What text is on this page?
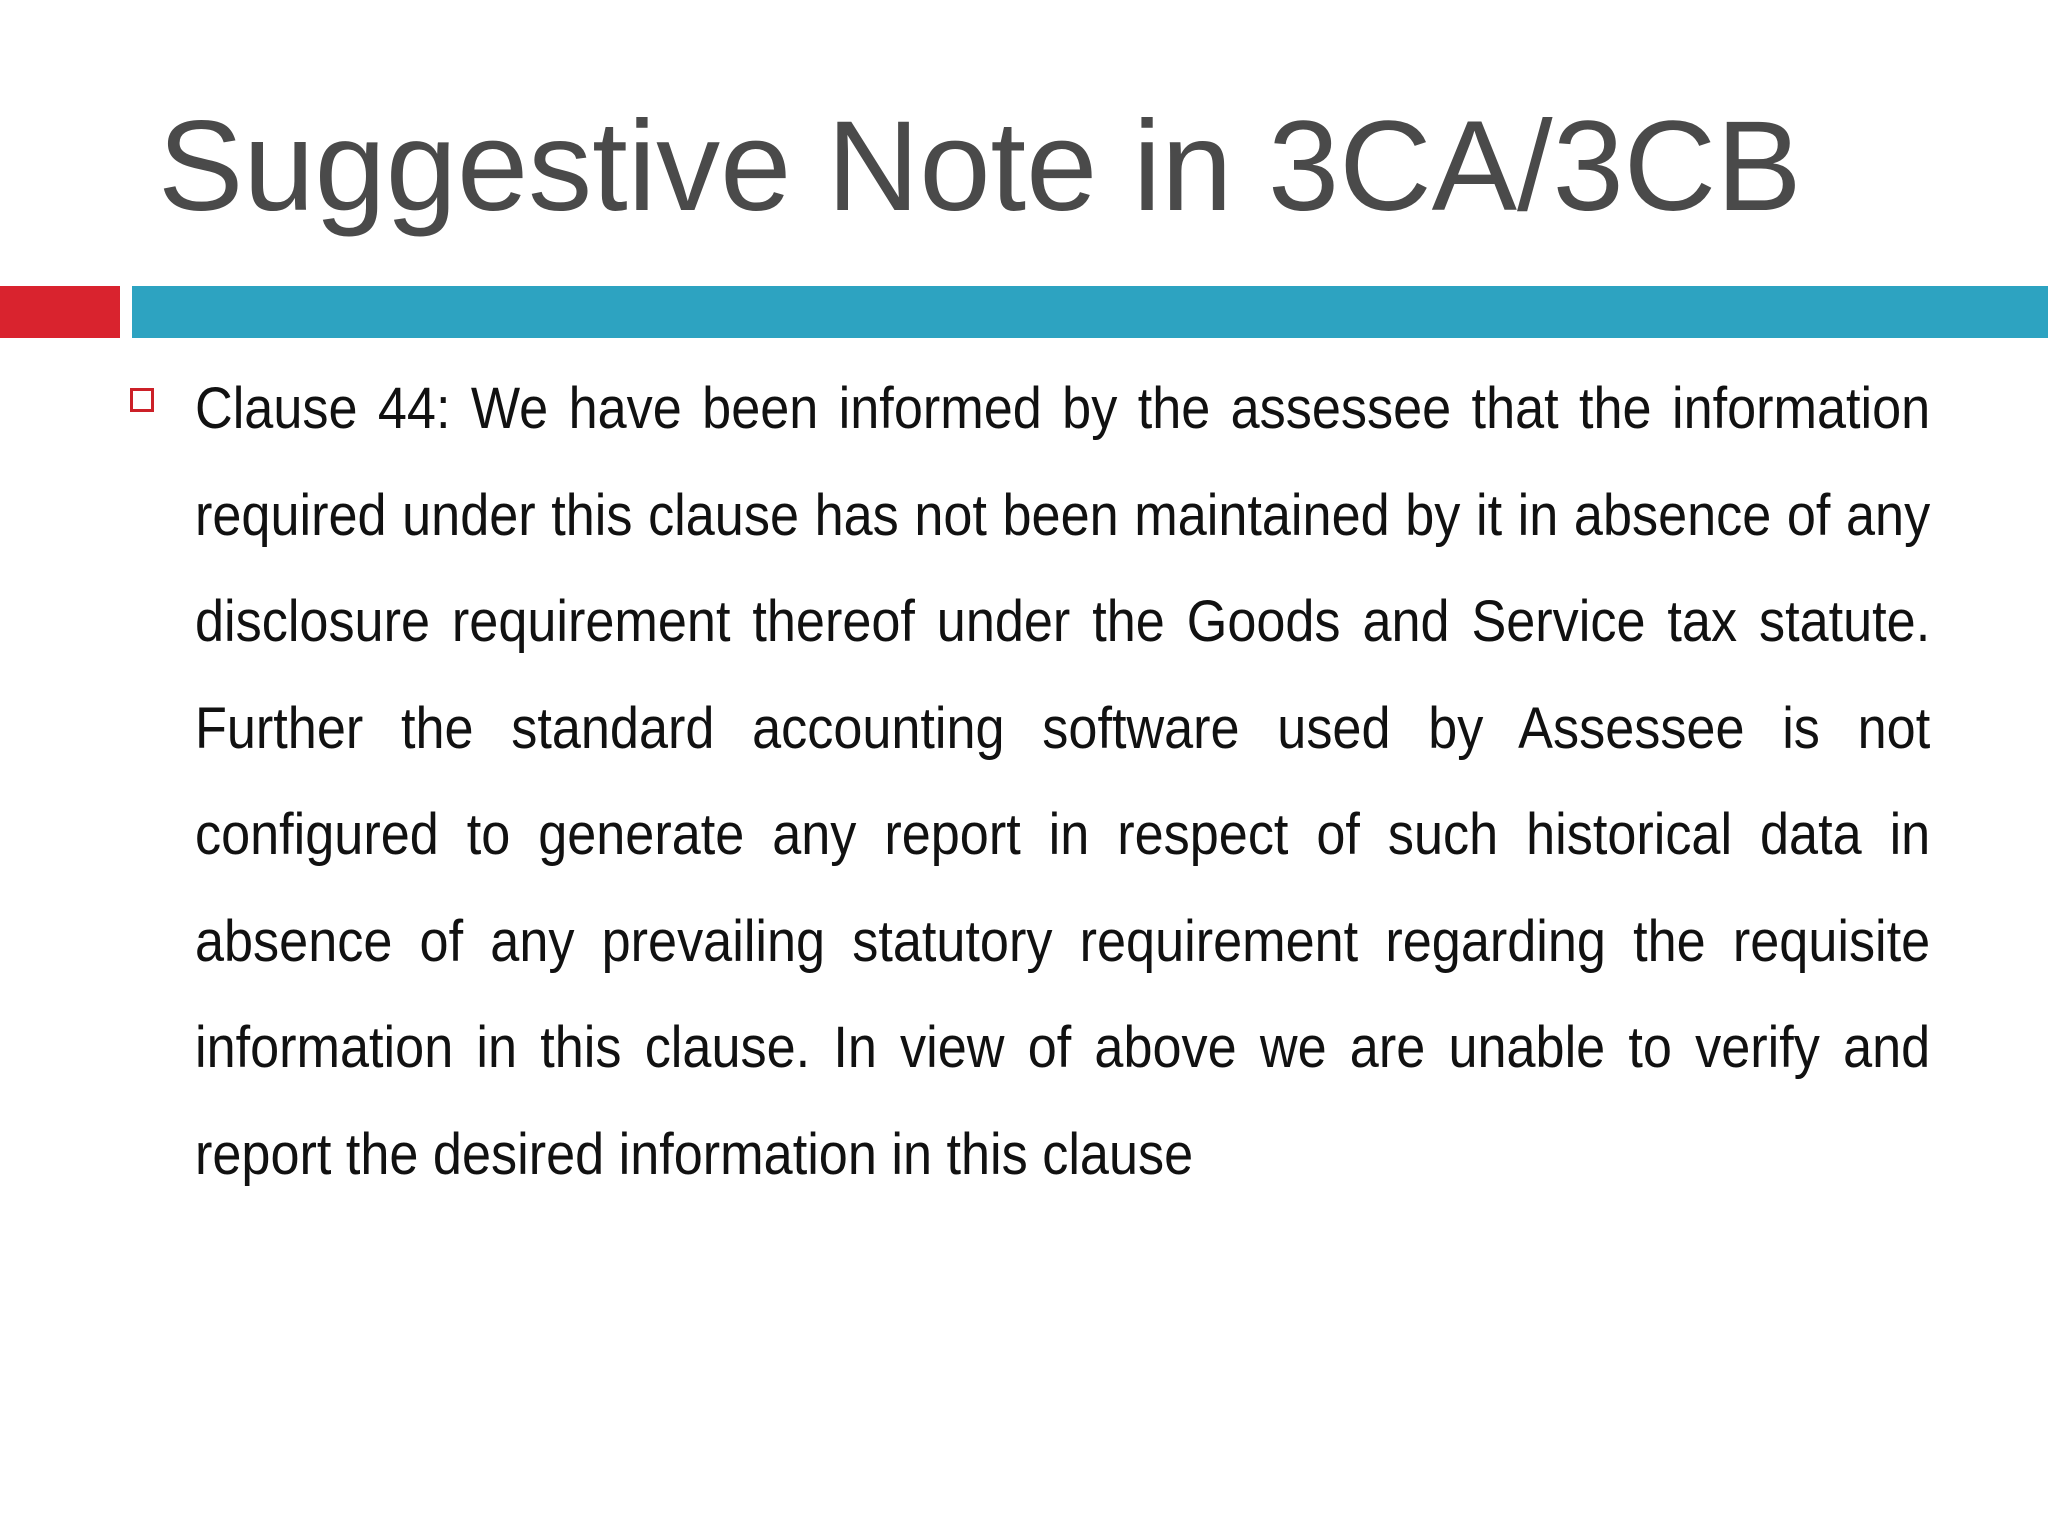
Suggestive Note in 3CA/3CB
Clause 44: We have been informed by the assessee that the information required under this clause has not been maintained by it in absence of any disclosure requirement thereof under the Goods and Service tax statute. Further the standard accounting software used by Assessee is not configured to generate any report in respect of such historical data in absence of any prevailing statutory requirement regarding the requisite information in this clause. In view of above we are unable to verify and report the desired information in this clause
